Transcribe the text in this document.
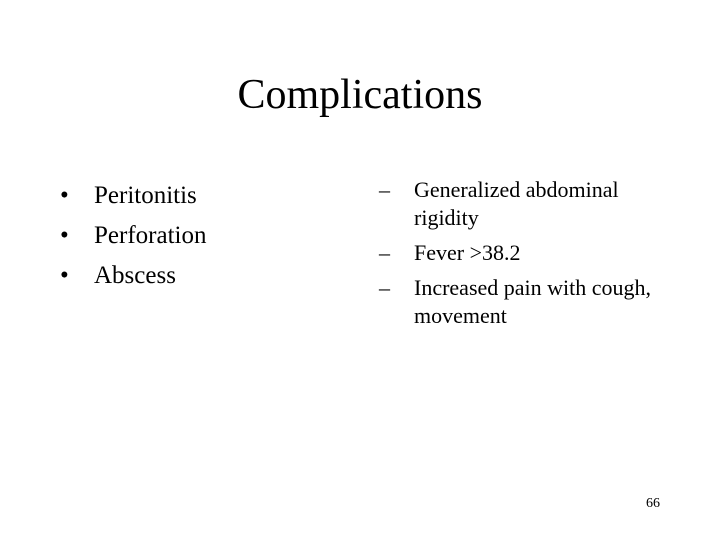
Complications
•	Peritonitis
•	Perforation
•	Abscess
–	Generalized abdominal rigidity
–	Fever >38.2
–	Increased pain with cough, movement
66
